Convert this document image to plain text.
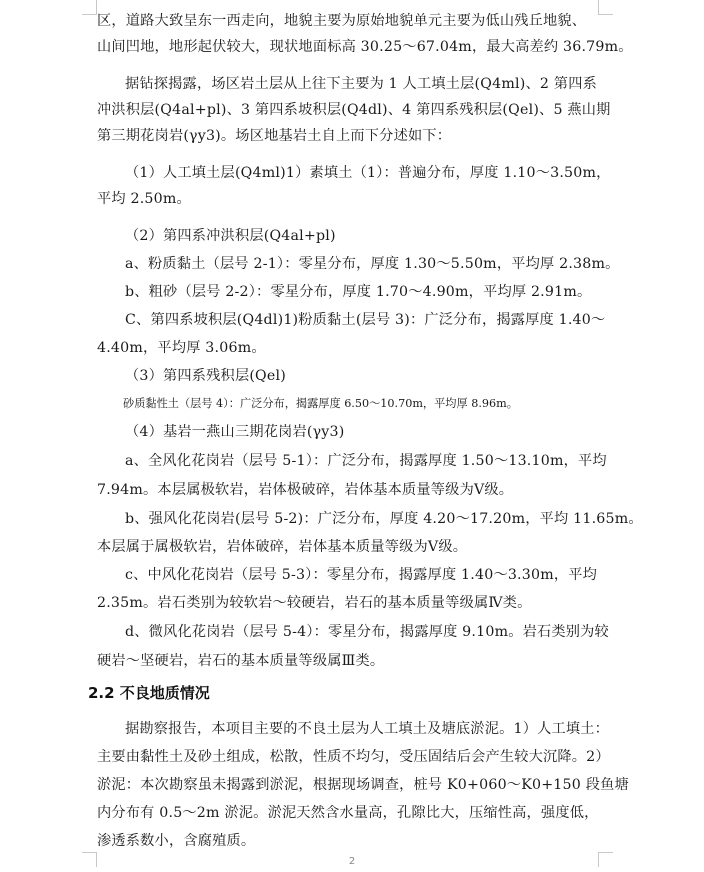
区，道路大致呈东一西走向，地貌主要为原始地貌单元主要为低山残丘地貌、
山间凹地，地形起伏较大，现状地面标高 30.25～67.04m，最大高差约 36.79m。
据钻探揭露，场区岩土层从上往下主要为 1 人工填土层(Q4ml)、2 第四系
冲洪积层(Q4al+pl)、3 第四系坡积层(Q4dl)、4 第四系残积层(Qel)、5 燕山期
第三期花岗岩(γy3)。场区地基岩土自上而下分述如下：
（1）人工填土层(Q4ml)1）素填土（1）：普遍分布，厚度 1.10～3.50m，
平均 2.50m。
（2）第四系冲洪积层(Q4al+pl)
a、粉质黏土（层号 2-1）：零星分布，厚度 1.30～5.50m，平均厚 2.38m。
b、粗砂（层号 2-2）：零星分布，厚度 1.70～4.90m，平均厚 2.91m。
C、第四系坡积层(Q4dl)1)粉质黏土(层号 3)：广泛分布，揭露厚度 1.40～
4.40m，平均厚 3.06m。
（3）第四系残积层(Qel)
砂质黏性土（层号 4）：广泛分布，揭露厚度 6.50～10.70m，平均厚 8.96m。
（4）基岩一燕山三期花岗岩(γy3)
a、全风化花岗岩（层号 5-1）：广泛分布，揭露厚度 1.50～13.10m，平均
7.94m。本层属极软岩，岩体极破碎，岩体基本质量等级为Ⅴ级。
b、强风化花岗岩(层号 5-2)：广泛分布，厚度 4.20～17.20m，平均 11.65m。
本层属于属极软岩，岩体破碎，岩体基本质量等级为Ⅴ级。
c、中风化花岗岩（层号 5-3）：零星分布，揭露厚度 1.40～3.30m，平均
2.35m。岩石类别为较软岩～较硬岩，岩石的基本质量等级属Ⅳ类。
d、微风化花岗岩（层号 5-4）：零星分布，揭露厚度 9.10m。岩石类别为较
硬岩～坚硬岩，岩石的基本质量等级属Ⅲ类。
2.2 不良地质情况
据勘察报告，本项目主要的不良土层为人工填土及塘底淤泥。1）人工填土：
主要由黏性土及砂土组成，松散，性质不均匀，受压固结后会产生较大沉降。2）
淤泥：本次勘察虽未揭露到淤泥，根据现场调查，桩号 K0+060～K0+150 段鱼塘
内分布有 0.5～2m 淤泥。淤泥天然含水量高，孔隙比大，压缩性高，强度低，
渗透系数小，含腐殖质。
2
